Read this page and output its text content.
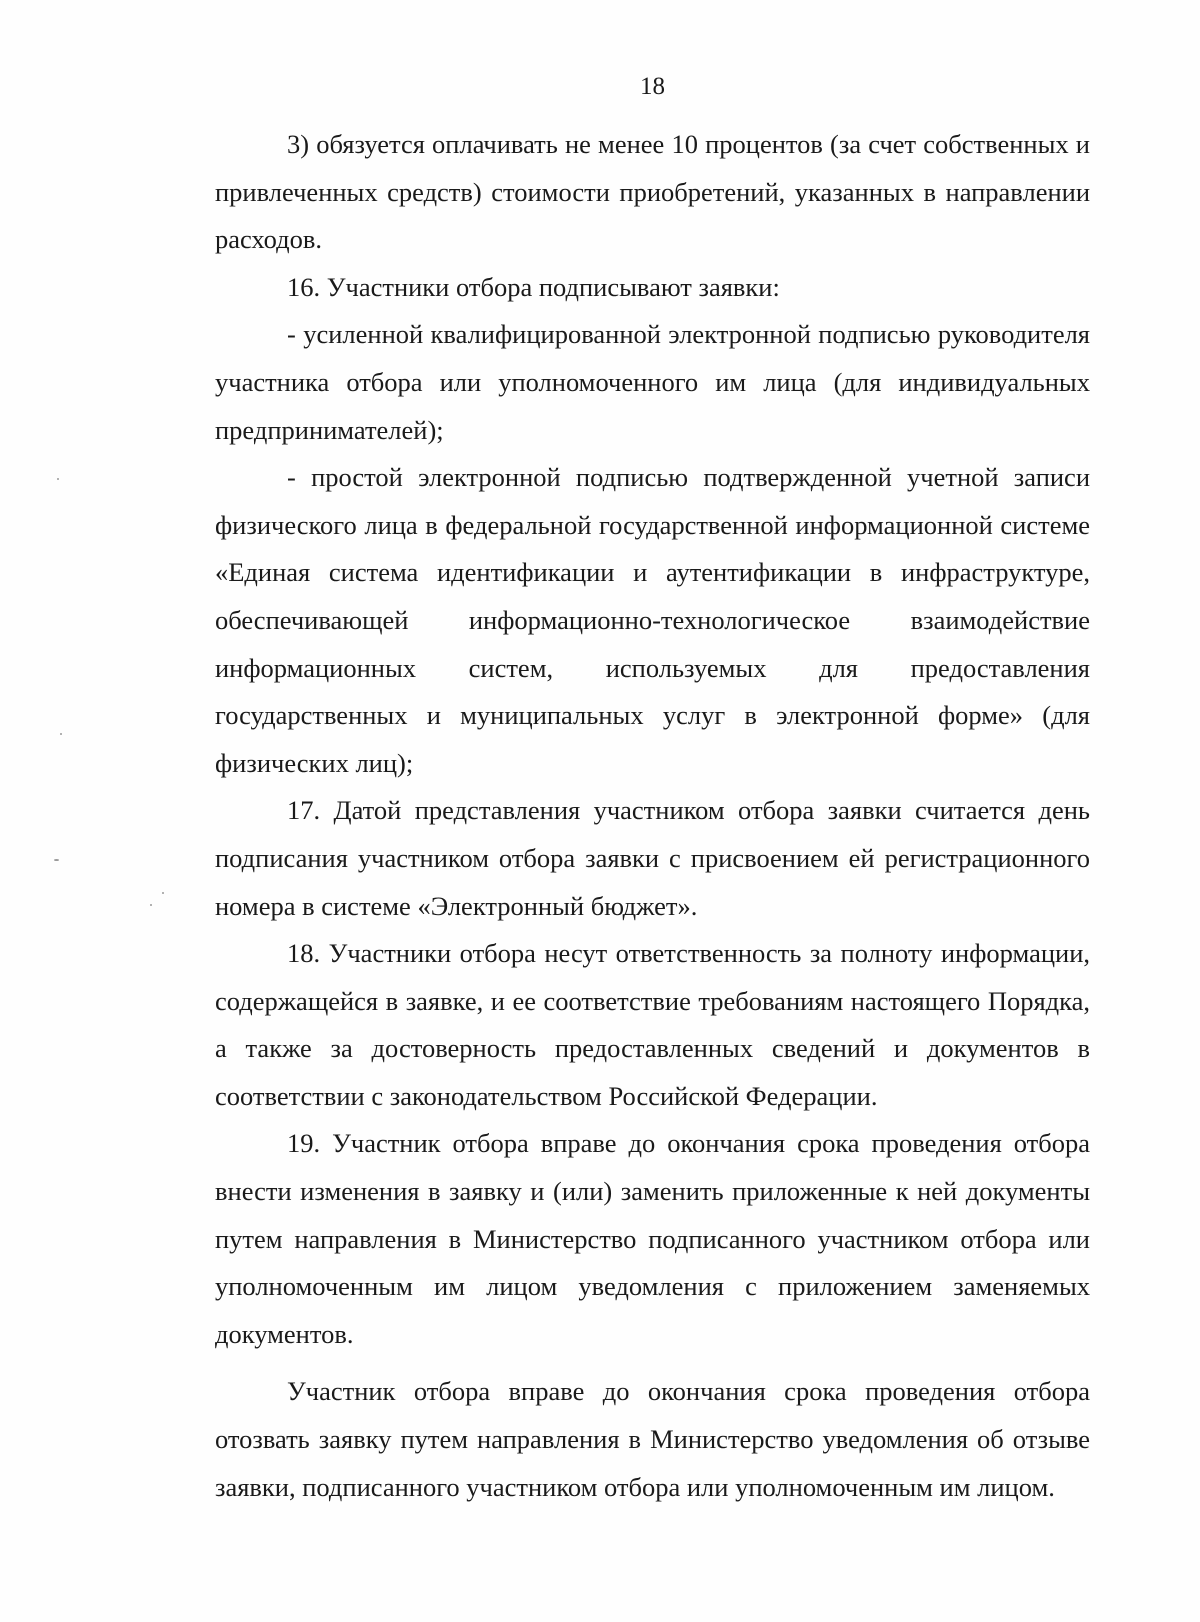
18

3) обязуется оплачивать не менее 10 процентов (за счет собственных и привлеченных средств) стоимости приобретений, указанных в направлении расходов.

16. Участники отбора подписывают заявки:

- усиленной квалифицированной электронной подписью руководителя участника отбора или уполномоченного им лица (для индивидуальных предпринимателей);

- простой электронной подписью подтвержденной учетной записи физического лица в федеральной государственной информационной системе «Единая система идентификации и аутентификации в инфраструктуре, обеспечивающей информационно-технологическое взаимодействие информационных систем, используемых для предоставления государственных и муниципальных услуг в электронной форме» (для физических лиц);

17. Датой представления участником отбора заявки считается день подписания участником отбора заявки с присвоением ей регистрационного номера в системе «Электронный бюджет».

18. Участники отбора несут ответственность за полноту информации, содержащейся в заявке, и ее соответствие требованиям настоящего Порядка, а также за достоверность предоставленных сведений и документов в соответствии с законодательством Российской Федерации.

19. Участник отбора вправе до окончания срока проведения отбора внести изменения в заявку и (или) заменить приложенные к ней документы путем направления в Министерство подписанного участником отбора или уполномоченным им лицом уведомления с приложением заменяемых документов.

Участник отбора вправе до окончания срока проведения отбора отозвать заявку путем направления в Министерство уведомления об отзыве заявки, подписанного участником отбора или уполномоченным им лицом.
